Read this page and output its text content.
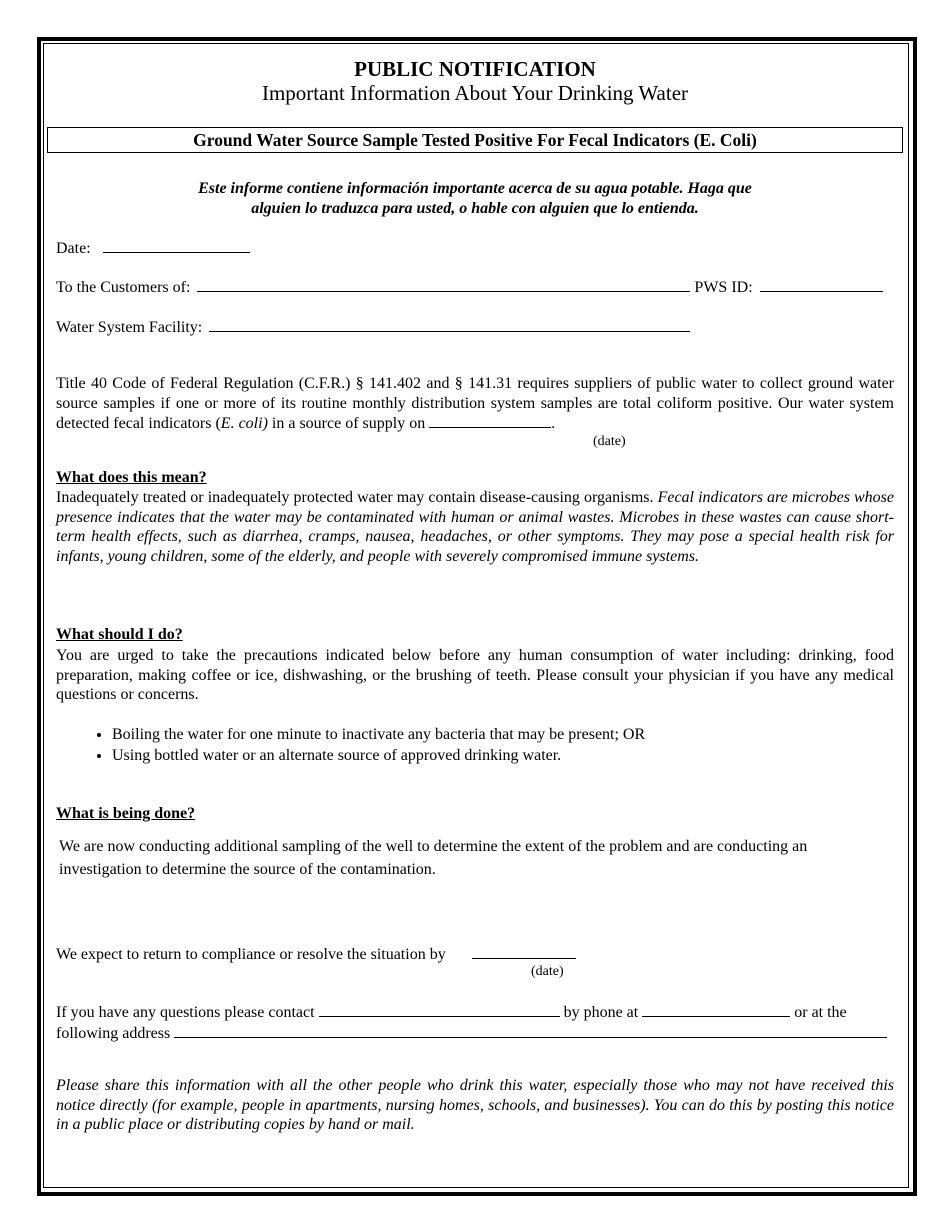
PUBLIC NOTIFICATION
Important Information About Your Drinking Water
Ground Water Source Sample Tested Positive For Fecal Indicators (E. Coli)
Este informe contiene información importante acerca de su agua potable. Haga que
alguien lo traduzca para usted, o hable con alguien que lo entienda.
Date:
To the Customers of:	PWS ID:
Water System Facility:
Title 40 Code of Federal Regulation (C.F.R.) § 141.402 and § 141.31 requires suppliers of public water to collect ground water source samples if one or more of its routine monthly distribution system samples are total coliform positive. Our water system detected fecal indicators (E. coli) in a source of supply on	.
(date)
What does this mean?
Inadequately treated or inadequately protected water may contain disease-causing organisms. Fecal indicators are microbes whose presence indicates that the water may be contaminated with human or animal wastes. Microbes in these wastes can cause short-term health effects, such as diarrhea, cramps, nausea, headaches, or other symptoms. They may pose a special health risk for infants, young children, some of the elderly, and people with severely compromised immune systems.
What should I do?
You are urged to take the precautions indicated below before any human consumption of water including: drinking, food preparation, making coffee or ice, dishwashing, or the brushing of teeth. Please consult your physician if you have any medical questions or concerns.
• Boiling the water for one minute to inactivate any bacteria that may be present; OR
• Using bottled water or an alternate source of approved drinking water.
What is being done?
We are now conducting additional sampling of the well to determine the extent of the problem and are conducting an investigation to determine the source of the contamination.
We expect to return to compliance or resolve the situation by
(date)
If you have any questions please contact	by phone at	or at the
following address
Please share this information with all the other people who drink this water, especially those who may not have received this notice directly (for example, people in apartments, nursing homes, schools, and businesses). You can do this by posting this notice in a public place or distributing copies by hand or mail.
